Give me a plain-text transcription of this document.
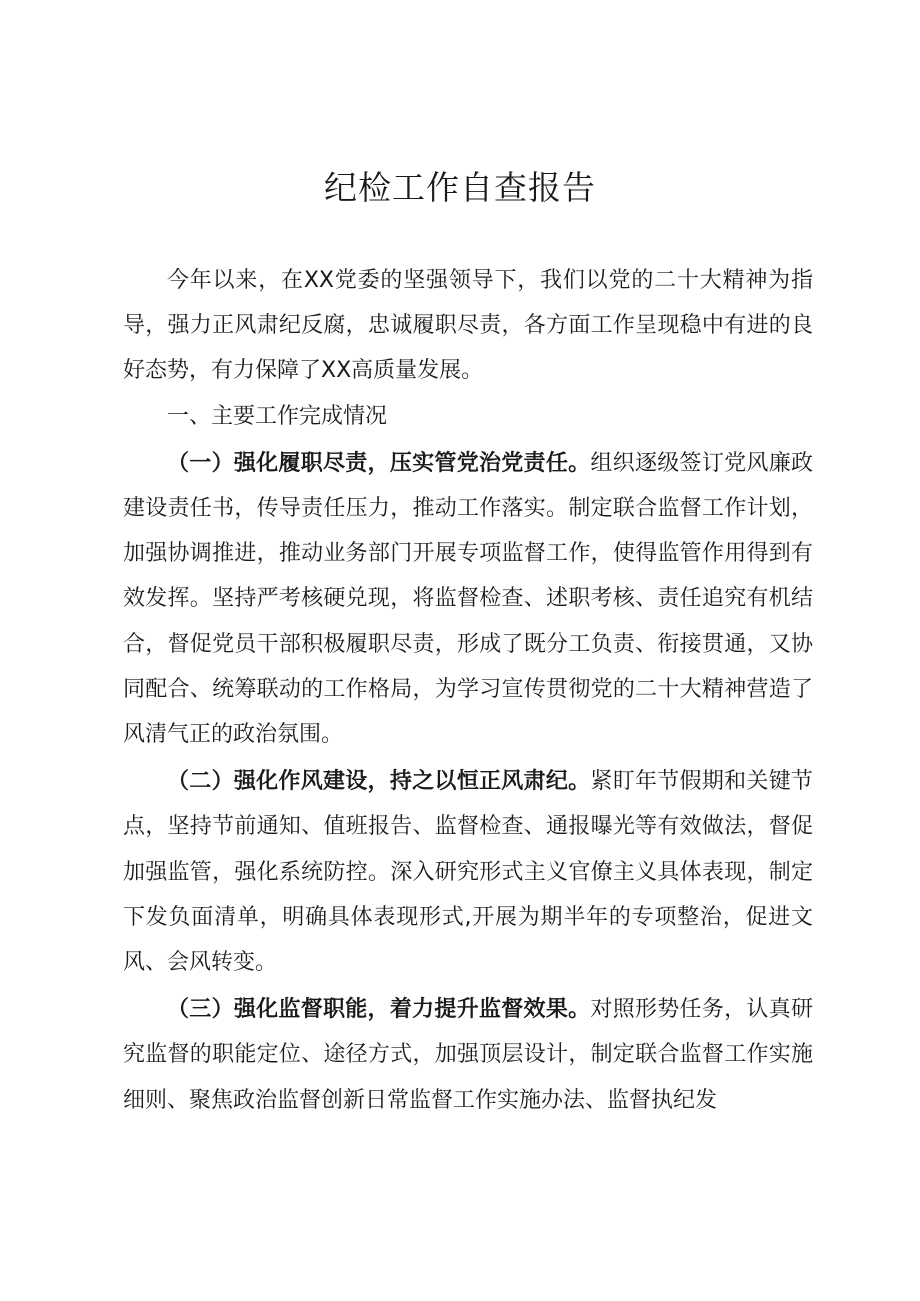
纪检工作自查报告

今年以来，在XX党委的坚强领导下，我们以党的二十大精神为指导，强力正风肃纪反腐，忠诚履职尽责，各方面工作呈现稳中有进的良好态势，有力保障了XX高质量发展。

一、主要工作完成情况

（一）强化履职尽责，压实管党治党责任。组织逐级签订党风廉政建设责任书，传导责任压力，推动工作落实。制定联合监督工作计划，加强协调推进，推动业务部门开展专项监督工作，使得监管作用得到有效发挥。坚持严考核硬兑现，将监督检查、述职考核、责任追究有机结合，督促党员干部积极履职尽责，形成了既分工负责、衔接贯通，又协同配合、统筹联动的工作格局，为学习宣传贯彻党的二十大精神营造了风清气正的政治氛围。

（二）强化作风建设，持之以恒正风肃纪。紧盯年节假期和关键节点，坚持节前通知、值班报告、监督检查、通报曝光等有效做法，督促加强监管，强化系统防控。深入研究形式主义官僚主义具体表现，制定下发负面清单，明确具体表现形式,开展为期半年的专项整治，促进文风、会风转变。

（三）强化监督职能，着力提升监督效果。对照形势任务，认真研究监督的职能定位、途径方式，加强顶层设计，制定联合监督工作实施细则、聚焦政治监督创新日常监督工作实施办法、监督执纪发
